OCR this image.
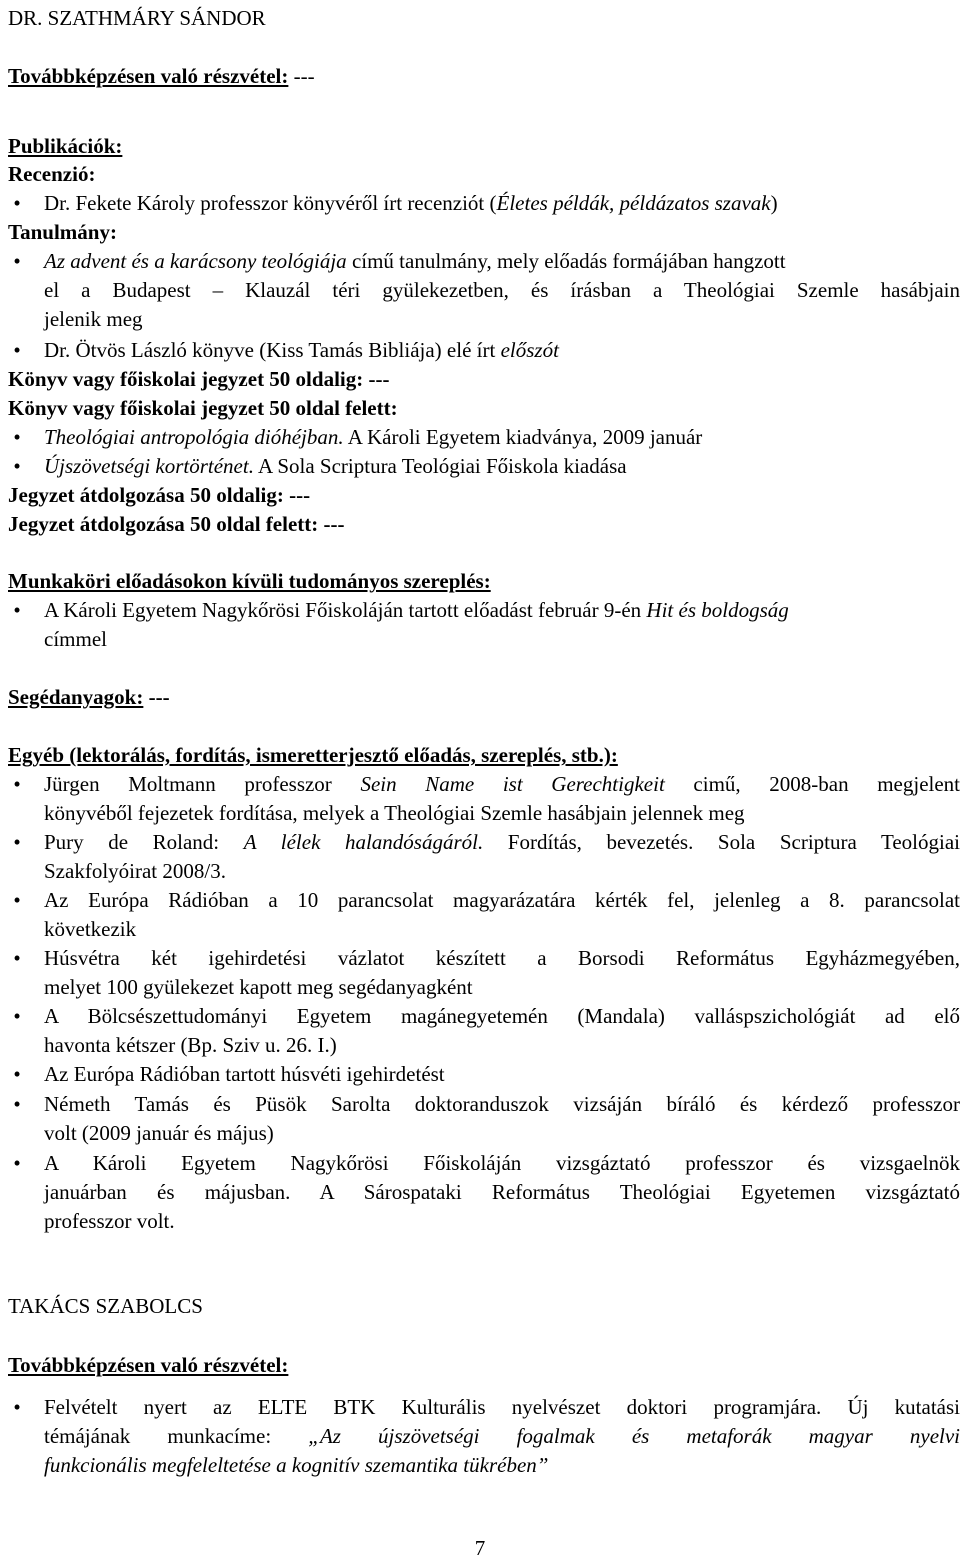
DR. SZATHMÁRY SÁNDOR
Továbbképzésen való részvétel: ---
Publikációk:
Recenzió:
• Dr. Fekete Károly professzor könyvéről írt recenziót (Életes példák, példázatos szavak)
Tanulmány:
• Az advent és a karácsony teológiája című tanulmány, mely előadás formájában hangzott
el a Budapest – Klauzál téri gyülekezetben, és írásban a Theológiai Szemle hasábjain
jelenik meg
• Dr. Ötvös László könyve (Kiss Tamás Bibliája) elé írt előszót
Könyv vagy főiskolai jegyzet 50 oldalig: ---
Könyv vagy főiskolai jegyzet 50 oldal felett:
• Theológiai antropológia dióhéjban. A Károli Egyetem kiadványa, 2009 január
• Újszövetségi kortörténet. A Sola Scriptura Teológiai Főiskola kiadása
Jegyzet átdolgozása 50 oldalig: ---
Jegyzet átdolgozása 50 oldal felett: ---
Munkaköri előadásokon kívüli tudományos szereplés:
• A Károli Egyetem Nagykőrösi Főiskoláján tartott előadást február 9-én Hit és boldogság
címmel
Segédanyagok: ---
Egyéb (lektorálás, fordítás, ismeretterjesztő előadás, szereplés, stb.):
• Jürgen Moltmann professzor Sein Name ist Gerechtigkeit cimű, 2008-ban megjelent
könyvéből fejezetek fordítása, melyek a Theológiai Szemle hasábjain jelennek meg
• Pury de Roland: A lélek halandóságáról. Fordítás, bevezetés. Sola Scriptura Teológiai
Szakfolyóirat 2008/3.
• Az Európa Rádióban a 10 parancsolat magyarázatára kérték fel, jelenleg a 8. parancsolat
következik
• Húsvétra két igehirdetési vázlatot készített a Borsodi Református Egyházmegyében,
melyet 100 gyülekezet kapott meg segédanyagként
• A Bölcsészettudományi Egyetem magánegyetemén (Mandala) valláspszichológiát ad elő
havonta kétszer (Bp. Sziv u. 26. I.)
• Az Európa Rádióban tartott húsvéti igehirdetést
• Németh Tamás és Püsök Sarolta doktoranduszok vizsáján bíráló és kérdező professzor
volt (2009 január és május)
• A Károli Egyetem Nagykőrösi Főiskoláján vizsgáztató professzor és vizsgaelnök
januárban és májusban. A Sárospataki Református Theológiai Egyetemen vizsgáztató
professzor volt.
TAKÁCS SZABOLCS
Továbbképzésen való részvétel:
• Felvételt nyert az ELTE BTK Kulturális nyelvészet doktori programjára. Új kutatási
témájának munkacíme: „Az újszövetségi fogalmak és metaforák magyar nyelvi
funkcionális megfeleltetése a kognitív szemantika tükrében”
7
